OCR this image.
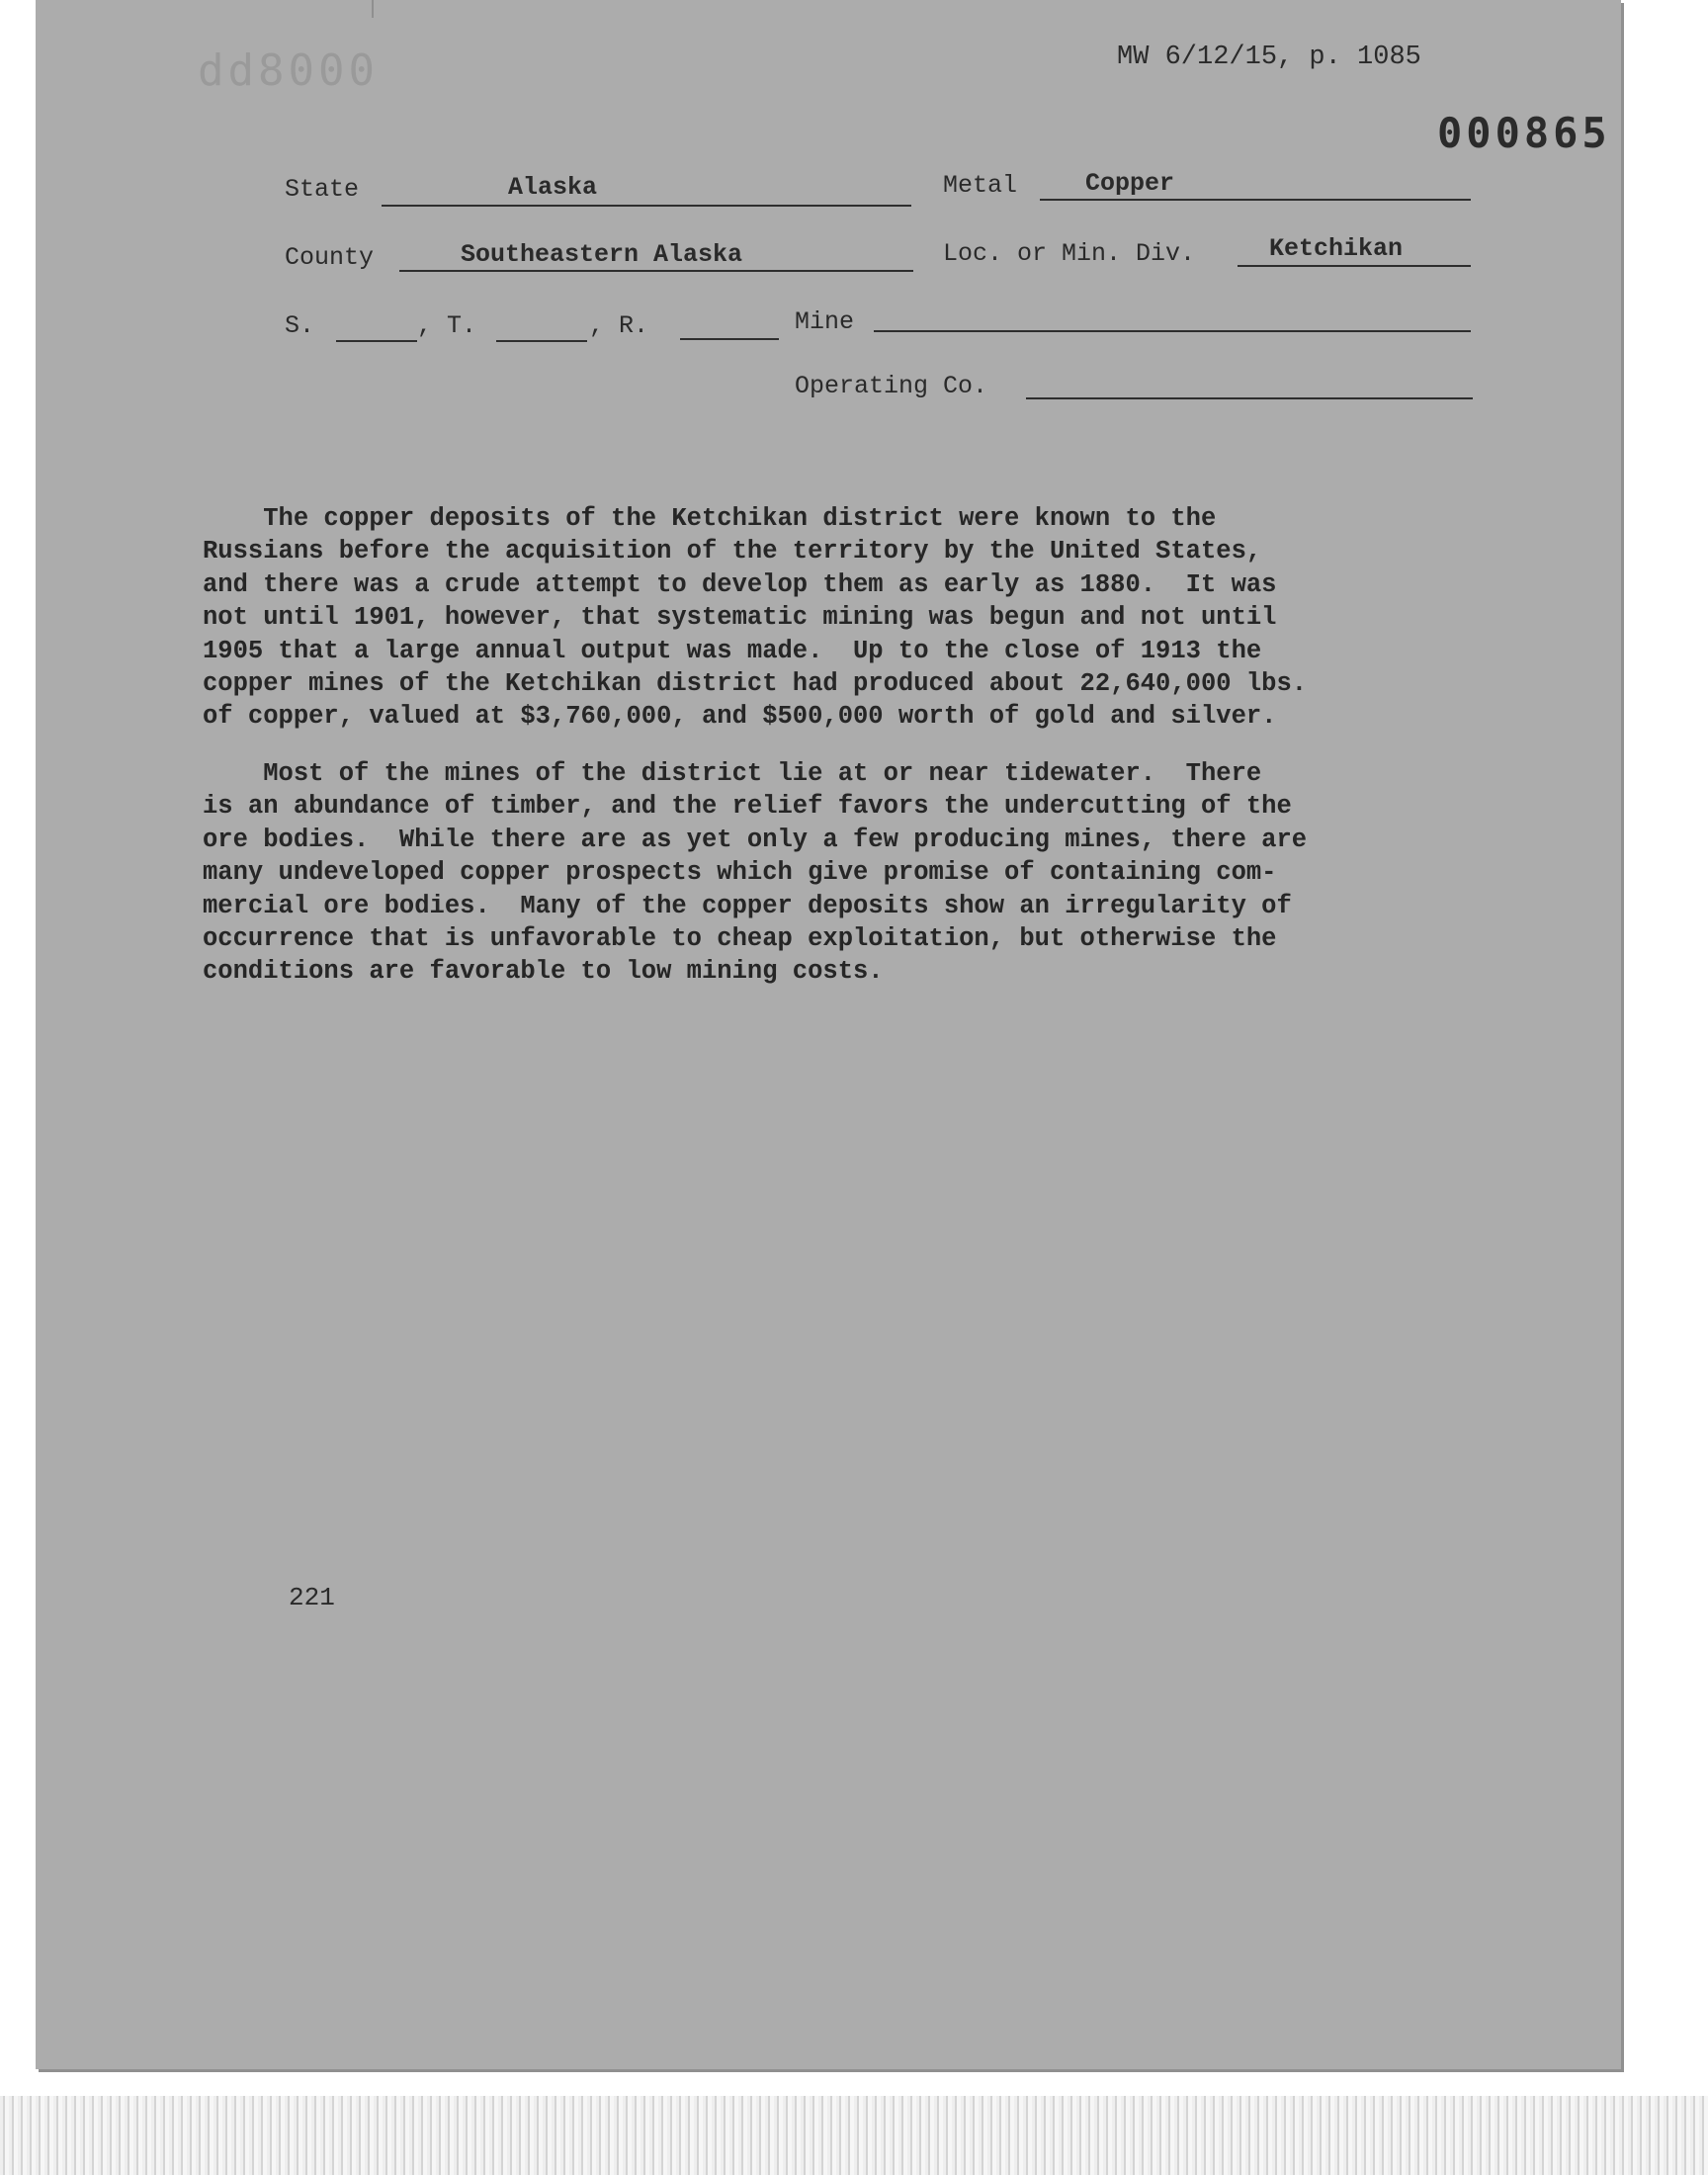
dd8000	MW 6/12/15, p. 1085
000865
State	Alaska	Metal	Copper
County	Southeastern Alaska	Loc. or Min. Div.	Ketchikan
S.	, T.	, R.	Mine
Operating Co.
The copper deposits of the Ketchikan district were known to the
Russians before the acquisition of the territory by the United States,
and there was a crude attempt to develop them as early as 1880.  It was
not until 1901, however, that systematic mining was begun and not until
1905 that a large annual output was made.  Up to the close of 1913 the
copper mines of the Ketchikan district had produced about 22,640,000 lbs.
of copper, valued at $3,760,000, and $500,000 worth of gold and silver.
Most of the mines of the district lie at or near tidewater.  There
is an abundance of timber, and the relief favors the undercutting of the
ore bodies.  While there are as yet only a few producing mines, there are
many undeveloped copper prospects which give promise of containing com-
mercial ore bodies.  Many of the copper deposits show an irregularity of
occurrence that is unfavorable to cheap exploitation, but otherwise the
conditions are favorable to low mining costs.
221
